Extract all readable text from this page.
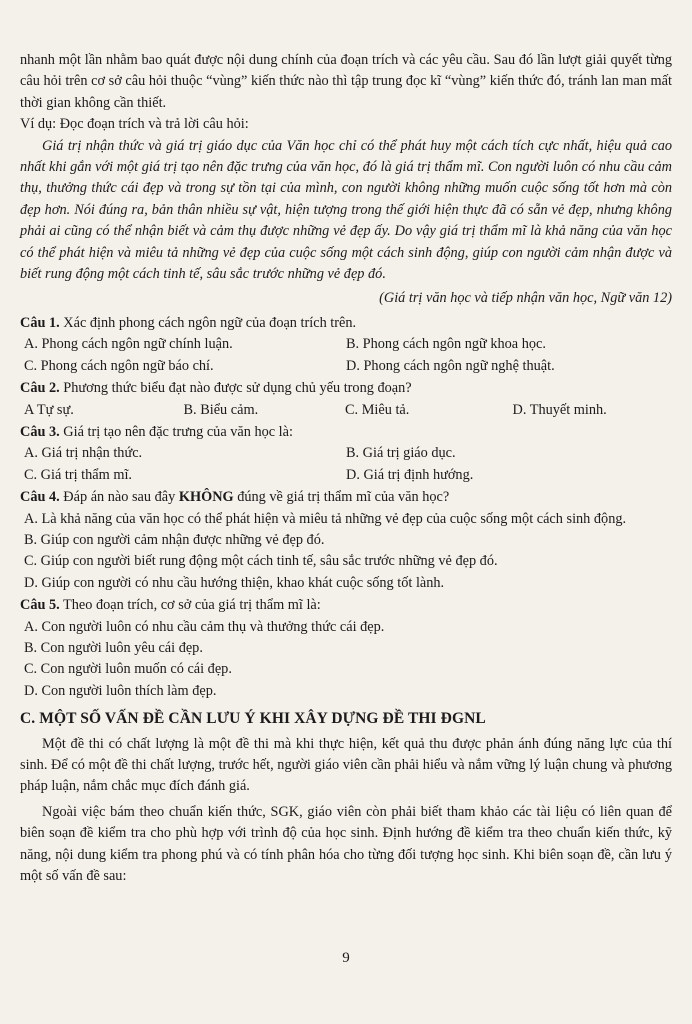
nhanh một lần nhằm bao quát được nội dung chính của đoạn trích và các yêu cầu. Sau đó lần lượt giải quyết từng câu hỏi trên cơ sở câu hỏi thuộc “vùng” kiến thức nào thì tập trung đọc kĩ “vùng” kiến thức đó, tránh lan man mất thời gian không cần thiết.

Ví dụ: Đọc đoạn trích và trả lời câu hỏi:

Giá trị nhận thức và giá trị giáo dục của Văn học chỉ có thể phát huy một cách tích cực nhất, hiệu quả cao nhất khi gắn với một giá trị tạo nên đặc trưng của văn học, đó là giá trị thẩm mĩ. Con người luôn có nhu cầu cảm thụ, thưởng thức cái đẹp và trong sự tồn tại của mình, con người không những muốn cuộc sống tốt hơn mà còn đẹp hơn. Nói đúng ra, bản thân nhiều sự vật, hiện tượng trong thế giới hiện thực đã có sẵn vẻ đẹp, nhưng không phải ai cũng có thể nhận biết và cảm thụ được những vẻ đẹp ấy. Do vậy giá trị thẩm mĩ là khả năng của văn học có thể phát hiện và miêu tả những vẻ đẹp của cuộc sống một cách sinh động, giúp con người cảm nhận được và biết rung động một cách tinh tế, sâu sắc trước những vẻ đẹp đó.

(Giá trị văn học và tiếp nhận văn học, Ngữ văn 12)

Câu 1. Xác định phong cách ngôn ngữ của đoạn trích trên.

A. Phong cách ngôn ngữ chính luận.	B. Phong cách ngôn ngữ khoa học.
C. Phong cách ngôn ngữ báo chí.	D. Phong cách ngôn ngữ nghệ thuật.

Câu 2. Phương thức biểu đạt nào được sử dụng chủ yếu trong đoạn?

A Tự sự.	B. Biểu cảm.	C. Miêu tả.	D. Thuyết minh.

Câu 3. Giá trị tạo nên đặc trưng của văn học là:

A. Giá trị nhận thức.	B. Giá trị giáo dục.
C. Giá trị thẩm mĩ.	D. Giá trị định hướng.

Câu 4. Đáp án nào sau đây KHÔNG đúng về giá trị thẩm mĩ của văn học?

A. Là khả năng của văn học có thể phát hiện và miêu tả những vẻ đẹp của cuộc sống một cách sinh động.

B. Giúp con người cảm nhận được những vẻ đẹp đó.

C. Giúp con người biết rung động một cách tinh tế, sâu sắc trước những vẻ đẹp đó.

D. Giúp con người có nhu cầu hướng thiện, khao khát cuộc sống tốt lành.

Câu 5. Theo đoạn trích, cơ sở của giá trị thẩm mĩ là:

A. Con người luôn có nhu cầu cảm thụ và thưởng thức cái đẹp.

B. Con người luôn yêu cái đẹp.

C. Con người luôn muốn có cái đẹp.

D. Con người luôn thích làm đẹp.

C. MỘT SỐ VẤN ĐỀ CẦN LƯU Ý KHI XÂY DỰNG ĐỀ THI ĐGNL

Một đề thi có chất lượng là một đề thi mà khi thực hiện, kết quả thu được phản ánh đúng năng lực của thí sinh. Để có một đề thi chất lượng, trước hết, người giáo viên cần phải hiểu và nắm vững lý luận chung và phương pháp luận, nắm chắc mục đích đánh giá.

Ngoài việc bám theo chuẩn kiến thức, SGK, giáo viên còn phải biết tham khảo các tài liệu có liên quan để biên soạn đề kiểm tra cho phù hợp với trình độ của học sinh. Định hướng đề kiểm tra theo chuẩn kiến thức, kỹ năng, nội dung kiểm tra phong phú và có tính phân hóa cho từng đối tượng học sinh. Khi biên soạn đề, cần lưu ý một số vấn đề sau:

9
